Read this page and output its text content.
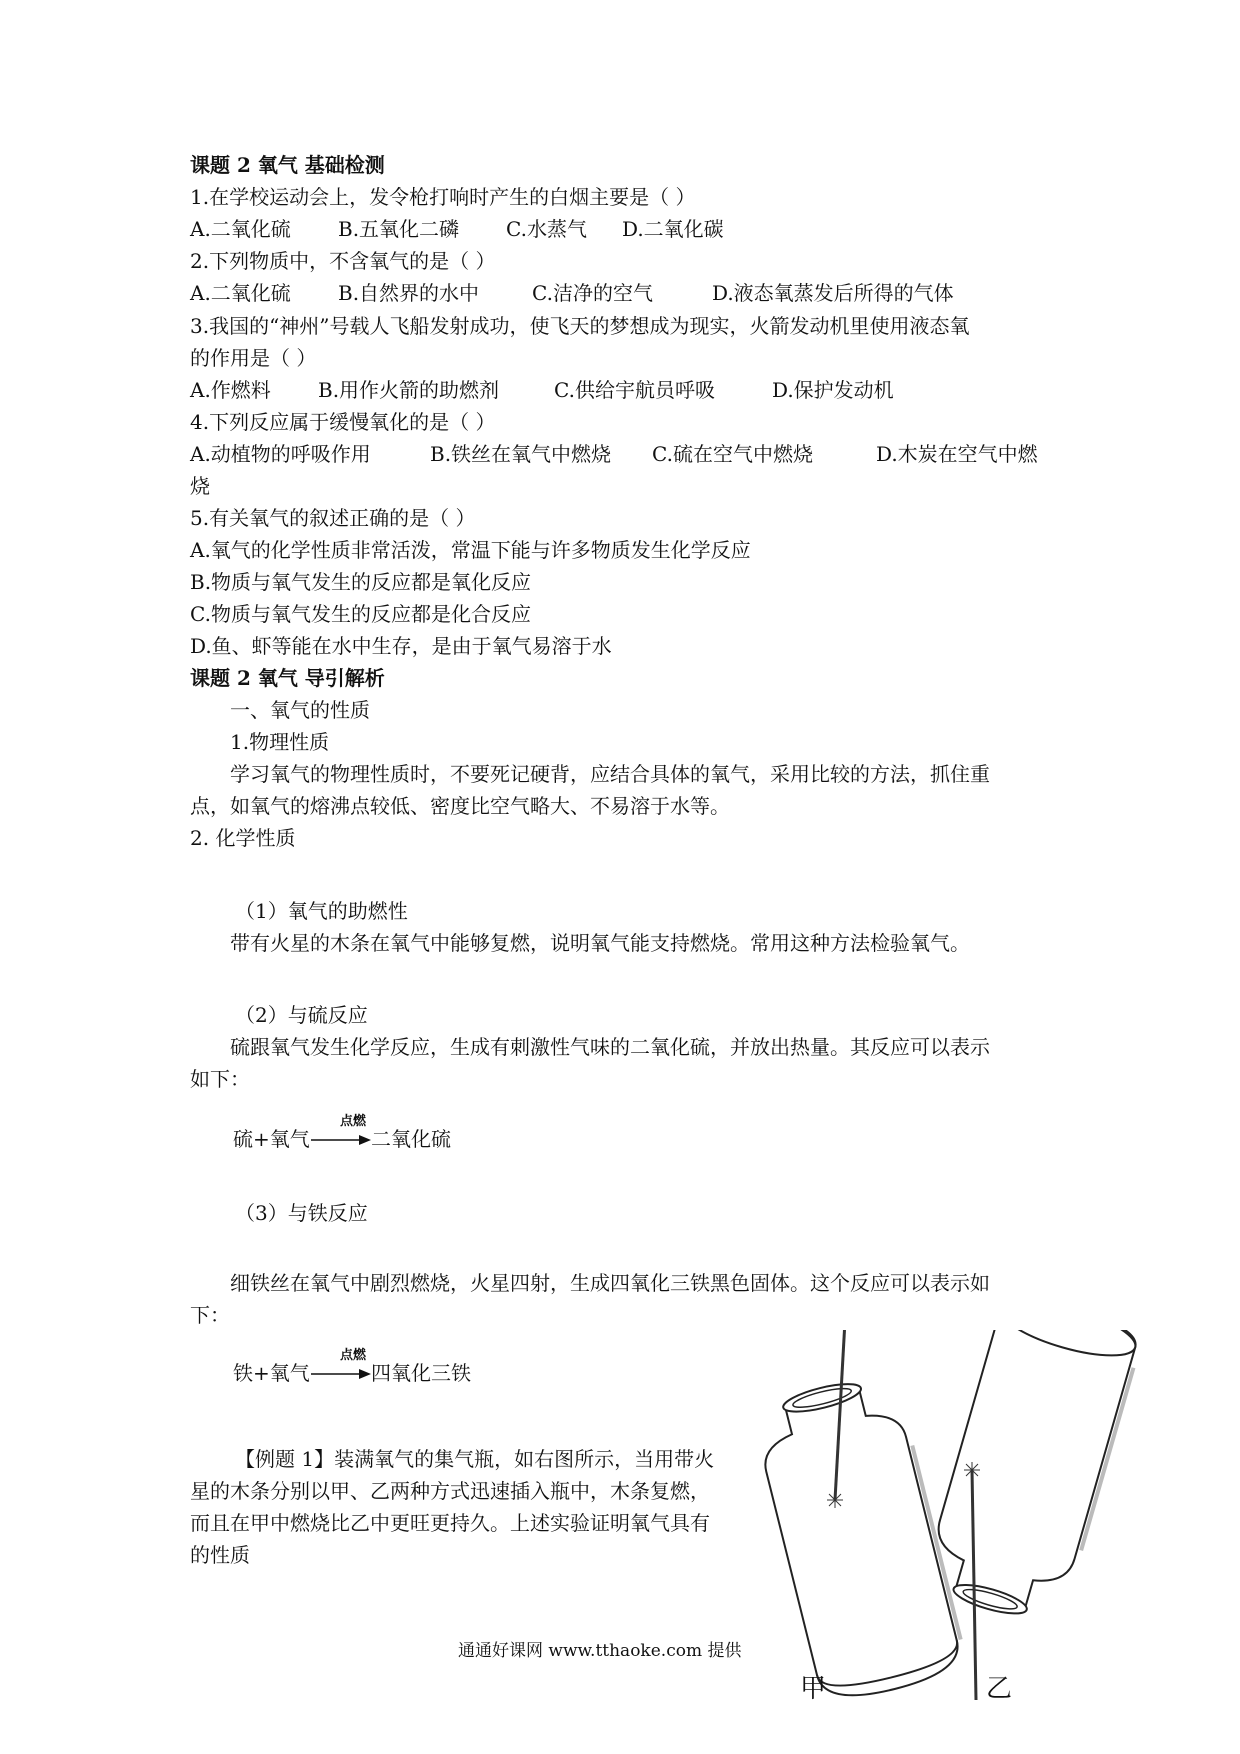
课题 2 氧气 基础检测
1.在学校运动会上，发令枪打响时产生的白烟主要是（ ）
A.二氧化硫 B.五氧化二磷 C.水蒸气 D.二氧化碳
2.下列物质中，不含氧气的是（ ）
A.二氧化硫 B.自然界的水中	C.洁净的空气	D.液态氧蒸发后所得的气体
3.我国的“神州”号载人飞船发射成功，使飞天的梦想成为现实，火箭发动机里使用液态氧
的作用是（ ）
A.作燃料 B.用作火箭的助燃剂	C.供给宇航员呼吸	D.保护发动机
4.下列反应属于缓慢氧化的是（ ）
A.动植物的呼吸作用	B.铁丝在氧气中燃烧 C.硫在空气中燃烧	D.木炭在空气中燃
烧
5.有关氧气的叙述正确的是（ ）
A.氧气的化学性质非常活泼，常温下能与许多物质发生化学反应
B.物质与氧气发生的反应都是氧化反应
C.物质与氧气发生的反应都是化合反应
D.鱼、虾等能在水中生存，是由于氧气易溶于水
课题 2 氧气 导引解析
一、氧气的性质
1.物理性质
学习氧气的物理性质时，不要死记硬背，应结合具体的氧气，采用比较的方法，抓住重
点，如氧气的熔沸点较低、密度比空气略大、不易溶于水等。
2. 化学性质
（1）氧气的助燃性
带有火星的木条在氧气中能够复燃，说明氧气能支持燃烧。常用这种方法检验氧气。
（2）与硫反应
硫跟氧气发生化学反应，生成有刺激性气味的二氧化硫，并放出热量。其反应可以表示
如下：
硫+氧气
点燃
二氧化硫
（3）与铁反应
细铁丝在氧气中剧烈燃烧，火星四射，生成四氧化三铁黑色固体。这个反应可以表示如
下：
铁+氧气
点燃
四氧化三铁
【例题 1】装满氧气的集气瓶，如右图所示，当用带火
星的木条分别以甲、乙两种方式迅速插入瓶中，木条复燃，
而且在甲中燃烧比乙中更旺更持久。上述实验证明氧气具有
的性质
甲	乙
通通好课网 www.tthaoke.com 提供
